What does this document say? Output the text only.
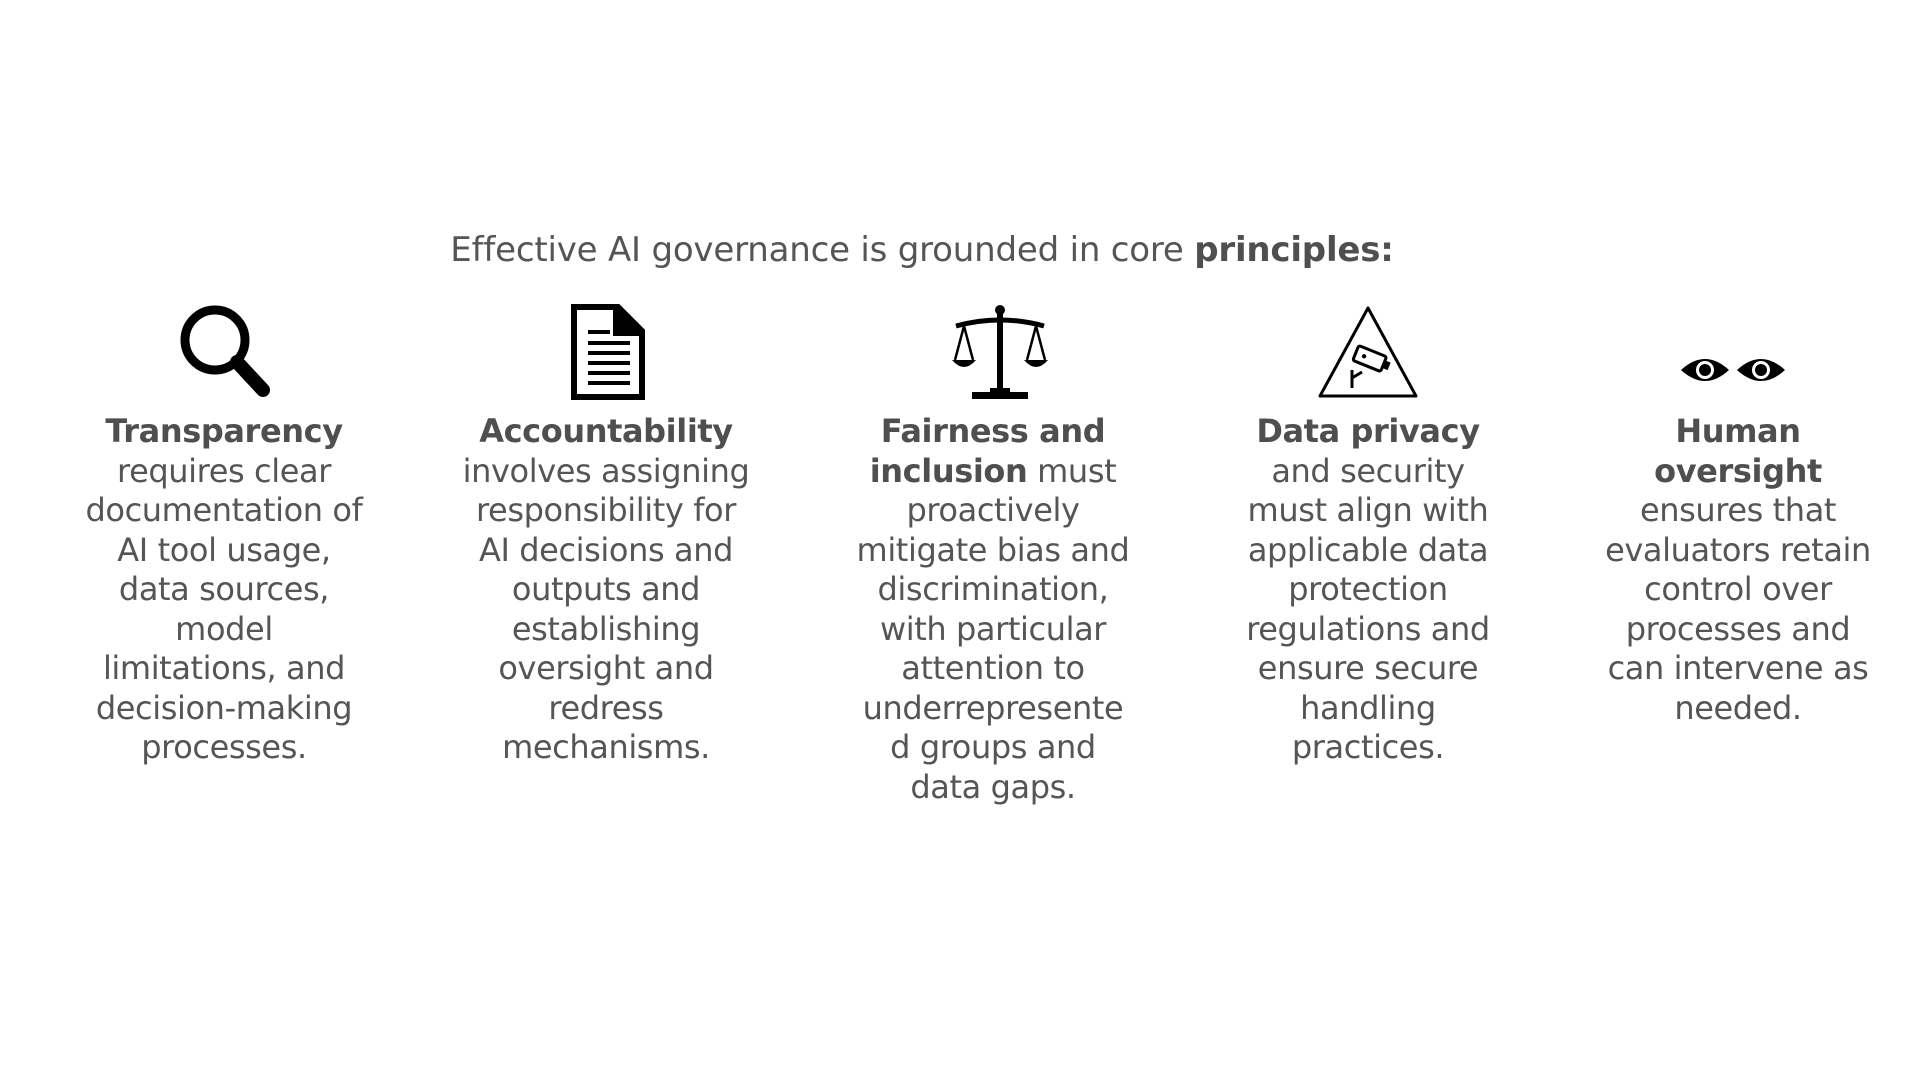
Effective AI governance is grounded in core principles:
Transparency requires clear documentation of AI tool usage, data sources, model limitations, and decision-making processes.
Accountability involves assigning responsibility for AI decisions and outputs and establishing oversight and redress mechanisms.
Fairness and inclusion must proactively mitigate bias and discrimination, with particular attention to underrepresented groups and data gaps.
Data privacy and security must align with applicable data protection regulations and ensure secure handling practices.
Human oversight ensures that evaluators retain control over processes and can intervene as needed.
